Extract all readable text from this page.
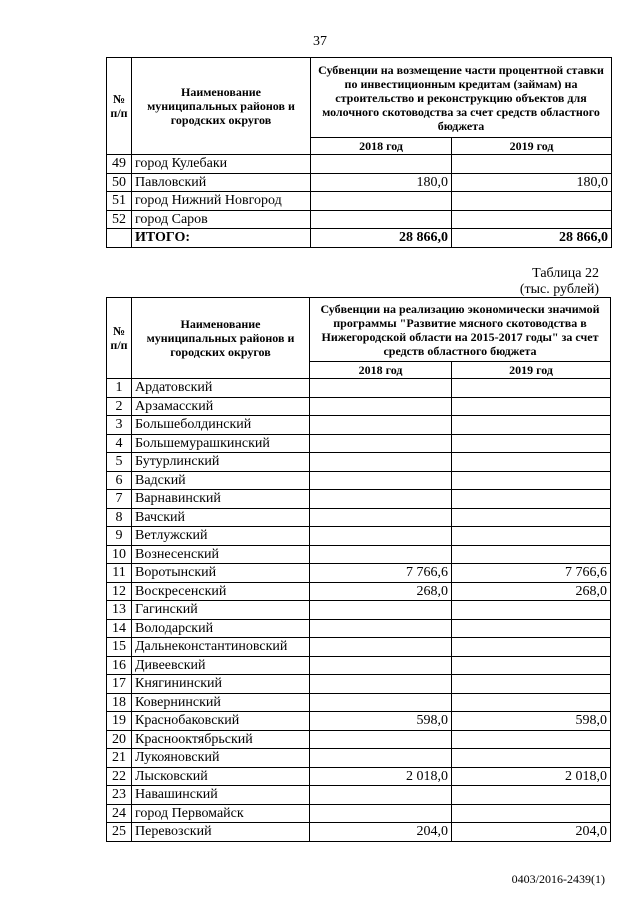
37
№ п/п	Наименование муниципальных районов и городских округов	Субвенции на возмещение части процентной ставки по инвестиционным кредитам (займам) на строительство и реконструкцию объектов для молочного скотоводства за счет средств областного бюджета	
		2018 год	2019 год
49	город Кулебаки		
50	Павловский	180,0	180,0
51	город Нижний Новгород		
52	город Саров		
	ИТОГО:	28 866,0	28 866,0
Таблица 22
(тыс. рублей)
№ п/п	Наименование муниципальных районов и городских округов	Субвенции на реализацию экономически значимой программы "Развитие мясного скотоводства в Нижегородской области на 2015-2017 годы" за счет средств областного бюджета	
		2018 год	2019 год
1	Ардатовский		
2	Арзамасский		
3	Большеболдинский		
4	Большемурашкинский		
5	Бутурлинский		
6	Вадский		
7	Варнавинский		
8	Вачский		
9	Ветлужский		
10	Вознесенский		
11	Воротынский	7 766,6	7 766,6
12	Воскресенский	268,0	268,0
13	Гагинский		
14	Володарский		
15	Дальнеконстантиновский		
16	Дивеевский		
17	Княгининский		
18	Ковернинский		
19	Краснобаковский	598,0	598,0
20	Краснооктябрьский		
21	Лукояновский		
22	Лысковский	2 018,0	2 018,0
23	Навашинский		
24	город Первомайск		
25	Перевозский	204,0	204,0
0403/2016-2439(1)
